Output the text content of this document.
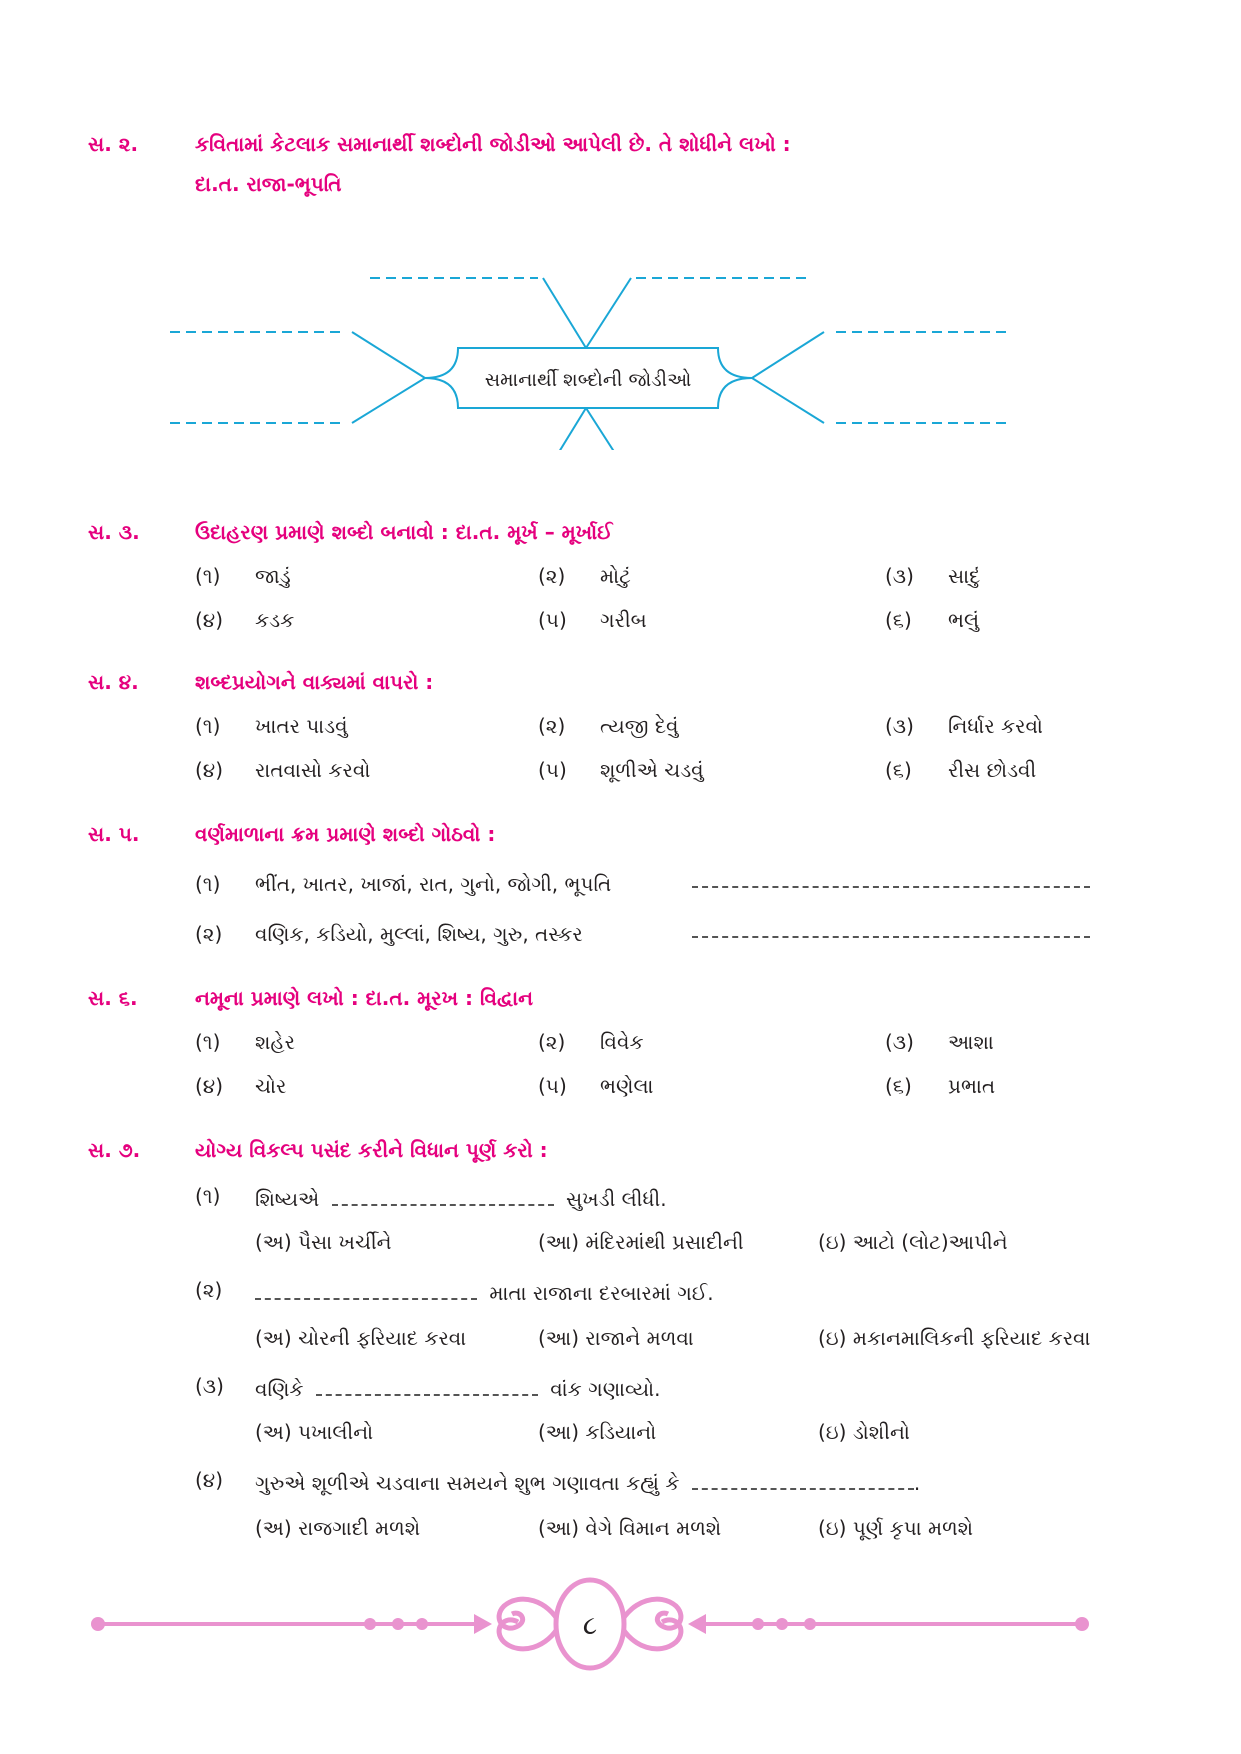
સ. ૨.	કવિતામાં કેટલાક સમાનાર્થી શબ્દોની જોડીઓ આપેલી છે. તે શોધીને લખો :
દા.ત. રાજા-ભૂપતિ
સમાનાર્થી શબ્દોની જોડીઓ
સ. ૩.	ઉદાહરણ પ્રમાણે શબ્દો બનાવો : દા.ત. મૂર્ખ – મૂર્ખાઈ
(૧) જાડું	(૨) મોટું	(૩) સાદું
(૪) કડક	(૫) ગરીબ	(૬) ભલું
સ. ૪.	શબ્દપ્રયોગને વાક્યમાં વાપરો :
(૧) ખાતર પાડવું	(૨) ત્યજી દેવું	(૩) નિર્ધાર કરવો
(૪) રાતવાસો કરવો	(૫) શૂળીએ ચડવું	(૬) રીસ છોડવી
સ. ૫.	વર્ણમાળાના ક્રમ પ્રમાણે શબ્દો ગોઠવો :
(૧) ભીંત, ખાતર, ખાજાં, રાત, ગુનો, જોગી, ભૂપતિ
(૨) વણિક, કડિયો, મુલ્લાં, શિષ્ય, ગુરુ, તસ્કર
સ. ૬.	નમૂના પ્રમાણે લખો : દા.ત. મૂરખ : વિદ્વાન
(૧) શહેર	(૨) વિવેક	(૩) આશા
(૪) ચોર	(૫) ભણેલા	(૬) પ્રભાત
સ. ૭.	યોગ્ય વિકલ્પ પસંદ કરીને વિધાન પૂર્ણ કરો :
(૧) શિષ્યએ	સુખડી લીધી.
(અ) પૈસા ખર્ચીને	(આ) મંદિરમાંથી પ્રસાદીની	(ઇ) આટો (લોટ)આપીને
(૨)	માતા રાજાના દરબારમાં ગઈ.
(અ) ચોરની ફરિયાદ કરવા	(આ) રાજાને મળવા	(ઇ) મકાનમાલિકની ફરિયાદ કરવા
(૩) વણિકે	વાંક ગણાવ્યો.
(અ) પખાલીનો	(આ) કડિયાનો	(ઇ) ડોશીનો
(૪) ગુરુએ શૂળીએ ચડવાના સમયને શુભ ગણાવતા કહ્યું કે	.
(અ) રાજગાદી મળશે	(આ) વેગે વિમાન મળશે	(ઇ) પૂર્ણ કૃપા મળશે
૮
